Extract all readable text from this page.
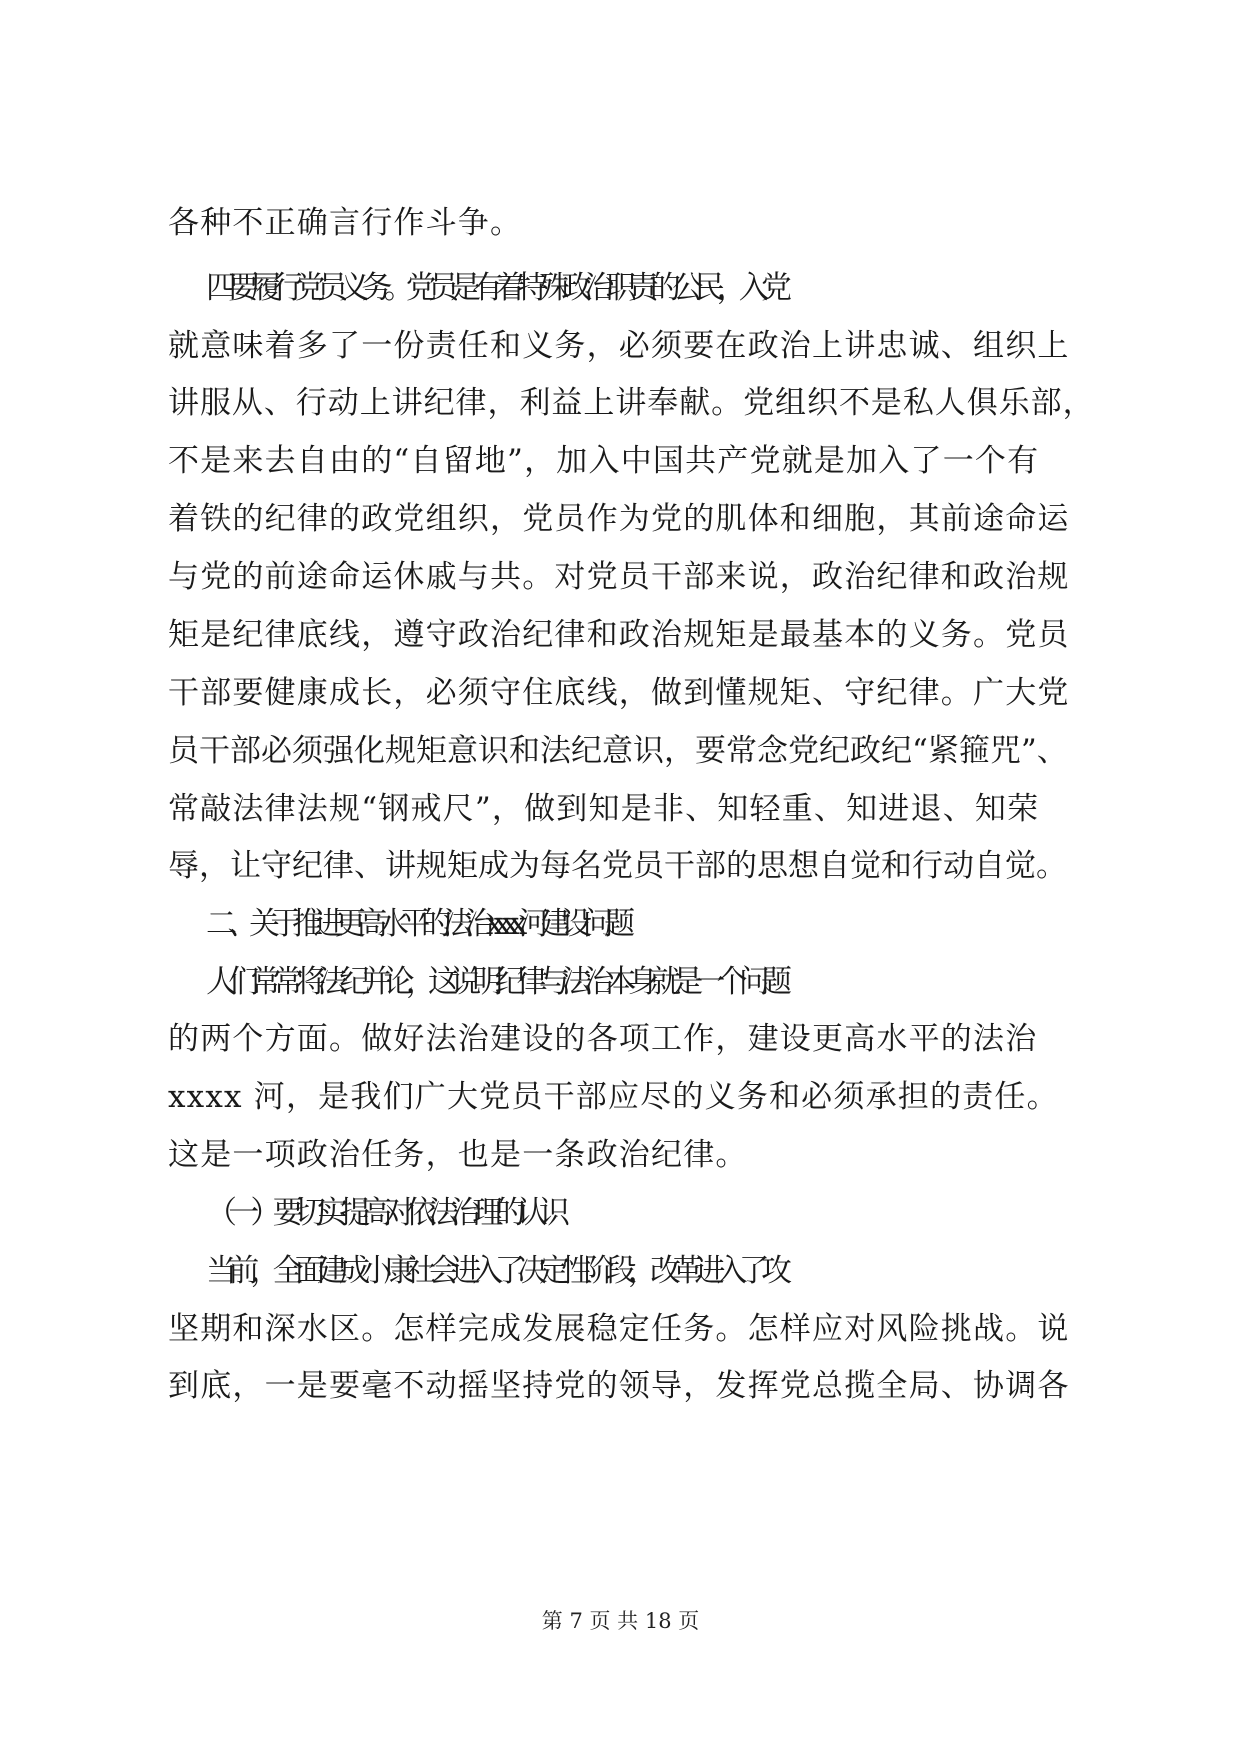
各种不正确言行作斗争。
四要履行党员义务。党员是有着特殊政治职责的公民，入党
就意味着多了一份责任和义务，必须要在政治上讲忠诚、组织上
讲服从、行动上讲纪律，利益上讲奉献。党组织不是私人俱乐部，
不是来去自由的“自留地”，加入中国共产党就是加入了一个有
着铁的纪律的政党组织，党员作为党的肌体和细胞，其前途命运
与党的前途命运休戚与共。对党员干部来说，政治纪律和政治规
矩是纪律底线，遵守政治纪律和政治规矩是最基本的义务。党员
干部要健康成长，必须守住底线，做到懂规矩、守纪律。广大党
员干部必须强化规矩意识和法纪意识，要常念党纪政纪“紧箍咒”、
常敲法律法规“钢戒尺”，做到知是非、知轻重、知进退、知荣
辱，让守纪律、讲规矩成为每名党员干部的思想自觉和行动自觉。
二、关于推进更高水平的法治 xxxx 河建设问题
人们常常将法纪并论，这说明纪律与法治本身就是一个问题
的两个方面。做好法治建设的各项工作，建设更高水平的法治
xxxx 河，是我们广大党员干部应尽的义务和必须承担的责任。
这是一项政治任务，也是一条政治纪律。
（一）要切实提高对依法治理的认识
当前，全面建成小康社会进入了决定性阶段，改革进入了攻
坚期和深水区。怎样完成发展稳定任务。怎样应对风险挑战。说
到底，一是要毫不动摇坚持党的领导，发挥党总揽全局、协调各
第 7 页 共 18 页
